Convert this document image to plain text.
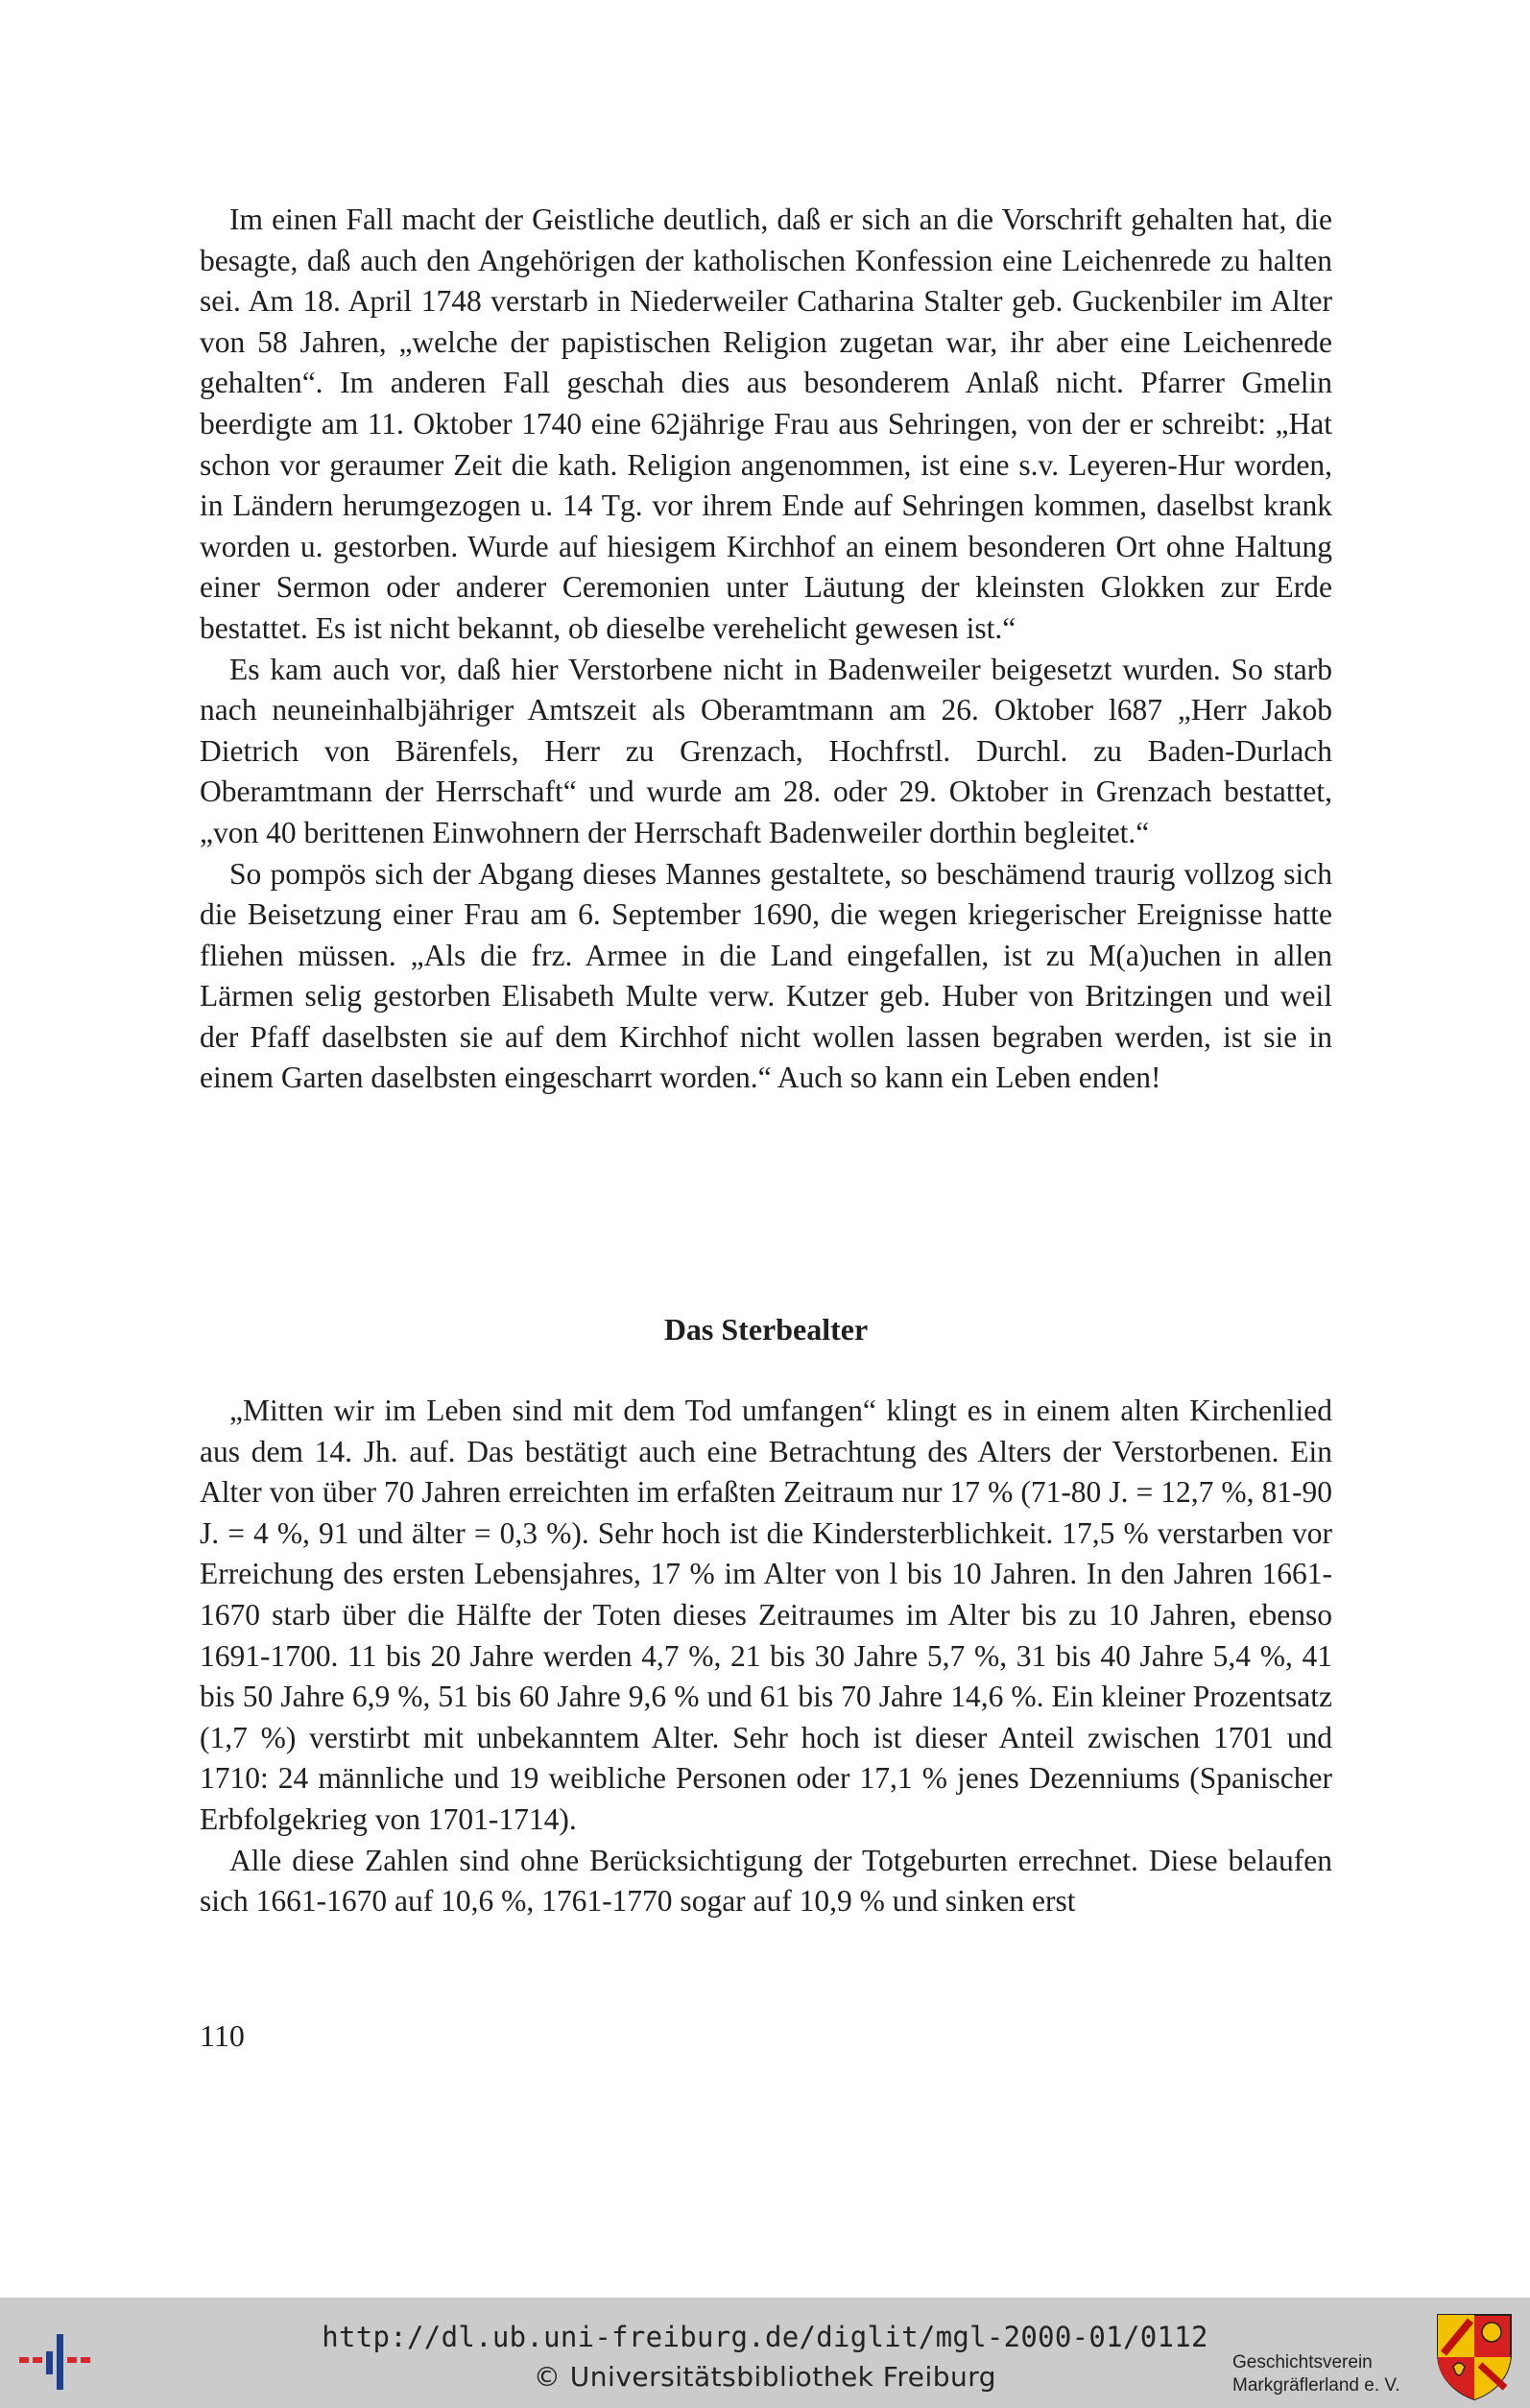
Im einen Fall macht der Geistliche deutlich, daß er sich an die Vorschrift gehalten hat, die besagte, daß auch den Angehörigen der katholischen Konfession eine Leichenrede zu halten sei. Am 18. April 1748 verstarb in Niederweiler Catharina Stalter geb. Guckenbiler im Alter von 58 Jahren, „welche der papistischen Religion zugetan war, ihr aber eine Leichenrede gehalten“. Im anderen Fall geschah dies aus besonderem Anlaß nicht. Pfarrer Gmelin beerdigte am 11. Oktober 1740 eine 62jährige Frau aus Sehringen, von der er schreibt: „Hat schon vor geraumer Zeit die kath. Religion angenommen, ist eine s.v. Leyeren-Hur worden, in Ländern herumgezogen u. 14 Tg. vor ihrem Ende auf Sehringen kommen, daselbst krank worden u. gestorben. Wurde auf hiesigem Kirchhof an einem besonderen Ort ohne Haltung einer Sermon oder anderer Ceremonien unter Läutung der kleinsten Glokken zur Erde bestattet. Es ist nicht bekannt, ob dieselbe verehelicht gewesen ist.“

Es kam auch vor, daß hier Verstorbene nicht in Badenweiler beigesetzt wurden. So starb nach neuneinhalbjähriger Amtszeit als Oberamtmann am 26. Oktober l687 „Herr Jakob Dietrich von Bärenfels, Herr zu Grenzach, Hochfrstl. Durchl. zu Baden-Durlach Oberamtmann der Herrschaft“ und wurde am 28. oder 29. Oktober in Grenzach bestattet, „von 40 berittenen Einwohnern der Herrschaft Badenweiler dorthin begleitet.“

So pompös sich der Abgang dieses Mannes gestaltete, so beschämend traurig vollzog sich die Beisetzung einer Frau am 6. September 1690, die wegen kriegerischer Ereignisse hatte fliehen müssen. „Als die frz. Armee in die Land eingefallen, ist zu M(a)uchen in allen Lärmen selig gestorben Elisabeth Multe verw. Kutzer geb. Huber von Britzingen und weil der Pfaff daselbsten sie auf dem Kirchhof nicht wollen lassen begraben werden, ist sie in einem Garten daselbsten eingescharrt worden.“ Auch so kann ein Leben enden!

Das Sterbealter

„Mitten wir im Leben sind mit dem Tod umfangen“ klingt es in einem alten Kirchenlied aus dem 14. Jh. auf. Das bestätigt auch eine Betrachtung des Alters der Verstorbenen. Ein Alter von über 70 Jahren erreichten im erfaßten Zeitraum nur 17 % (71-80 J. = 12,7 %, 81-90 J. = 4 %, 91 und älter = 0,3 %). Sehr hoch ist die Kindersterblichkeit. 17,5 % verstarben vor Erreichung des ersten Lebensjahres, 17 % im Alter von l bis 10 Jahren. In den Jahren 1661-1670 starb über die Hälfte der Toten dieses Zeitraumes im Alter bis zu 10 Jahren, ebenso 1691-1700. 11 bis 20 Jahre werden 4,7 %, 21 bis 30 Jahre 5,7 %, 31 bis 40 Jahre 5,4 %, 41 bis 50 Jahre 6,9 %, 51 bis 60 Jahre 9,6 % und 61 bis 70 Jahre 14,6 %. Ein kleiner Prozentsatz (1,7 %) verstirbt mit unbekanntem Alter. Sehr hoch ist dieser Anteil zwischen 1701 und 1710: 24 männliche und 19 weibliche Personen oder 17,1 % jenes Dezenniums (Spanischer Erbfolgekrieg von 1701-1714).

Alle diese Zahlen sind ohne Berücksichtigung der Totgeburten errechnet. Diese belaufen sich 1661-1670 auf 10,6 %, 1761-1770 sogar auf 10,9 % und sinken erst

110

http://dl.ub.uni-freiburg.de/diglit/mgl-2000-01/0112
© Universitätsbibliothek Freiburg	Geschichtsverein
Markgräflerland e. V.
